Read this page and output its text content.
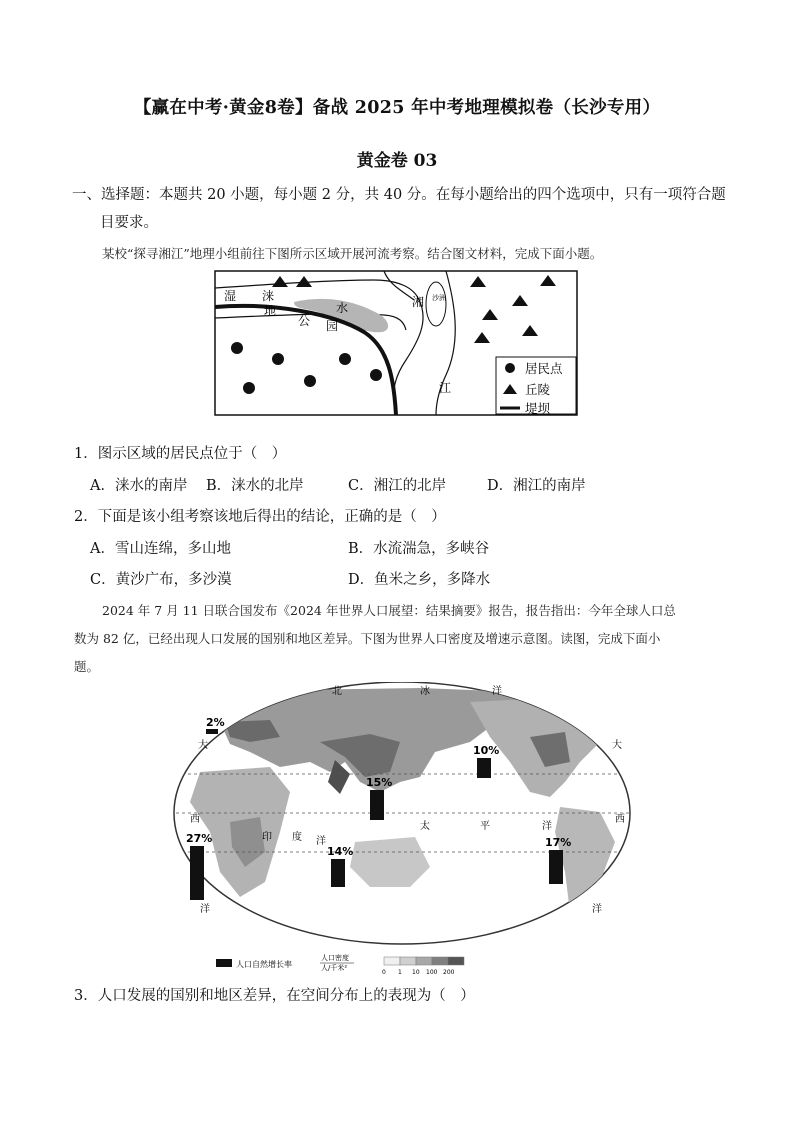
【赢在中考·黄金8卷】备战 2025 年中考地理模拟卷（长沙专用）
黄金卷 03
一、选择题：本题共 20 小题，每小题 2 分，共 40 分。在每小题给出的四个选项中，只有一项符合题
目要求。
某校“探寻湘江”地理小组前往下图所示区域开展河流考察。结合图文材料，完成下面小题。
湿 涞
地
公 园
水	湘 沙洲
江
居民点
丘陵
堤坝
1．图示区域的居民点位于（　）
A．涞水的南岸 B．涞水的北岸	C．湘江的北岸	D．湘江的南岸
2．下面是该小组考察该地后得出的结论，正确的是（　）
A．雪山连绵，多山地	B．水流湍急，多峡谷
C．黄沙广布，多沙漠	D．鱼米之乡，多降水
2024 年 7 月 11 日联合国发布《2024 年世界人口展望：结果摘要》报告，报告指出：今年全球人口总
数为 82 亿，已经出现人口发展的国别和地区差异。下图为世界人口密度及增速示意图。读图，完成下面小
题。
北	冰	洋
大	大
西	西
印 度 洋
太	平	洋
洋	洋
2%
27%
15%
14%
10%
17%
人口自然增长率
人口密度
人/千米²
0 1 10 100 200
3．人口发展的国别和地区差异，在空间分布上的表现为（　）
